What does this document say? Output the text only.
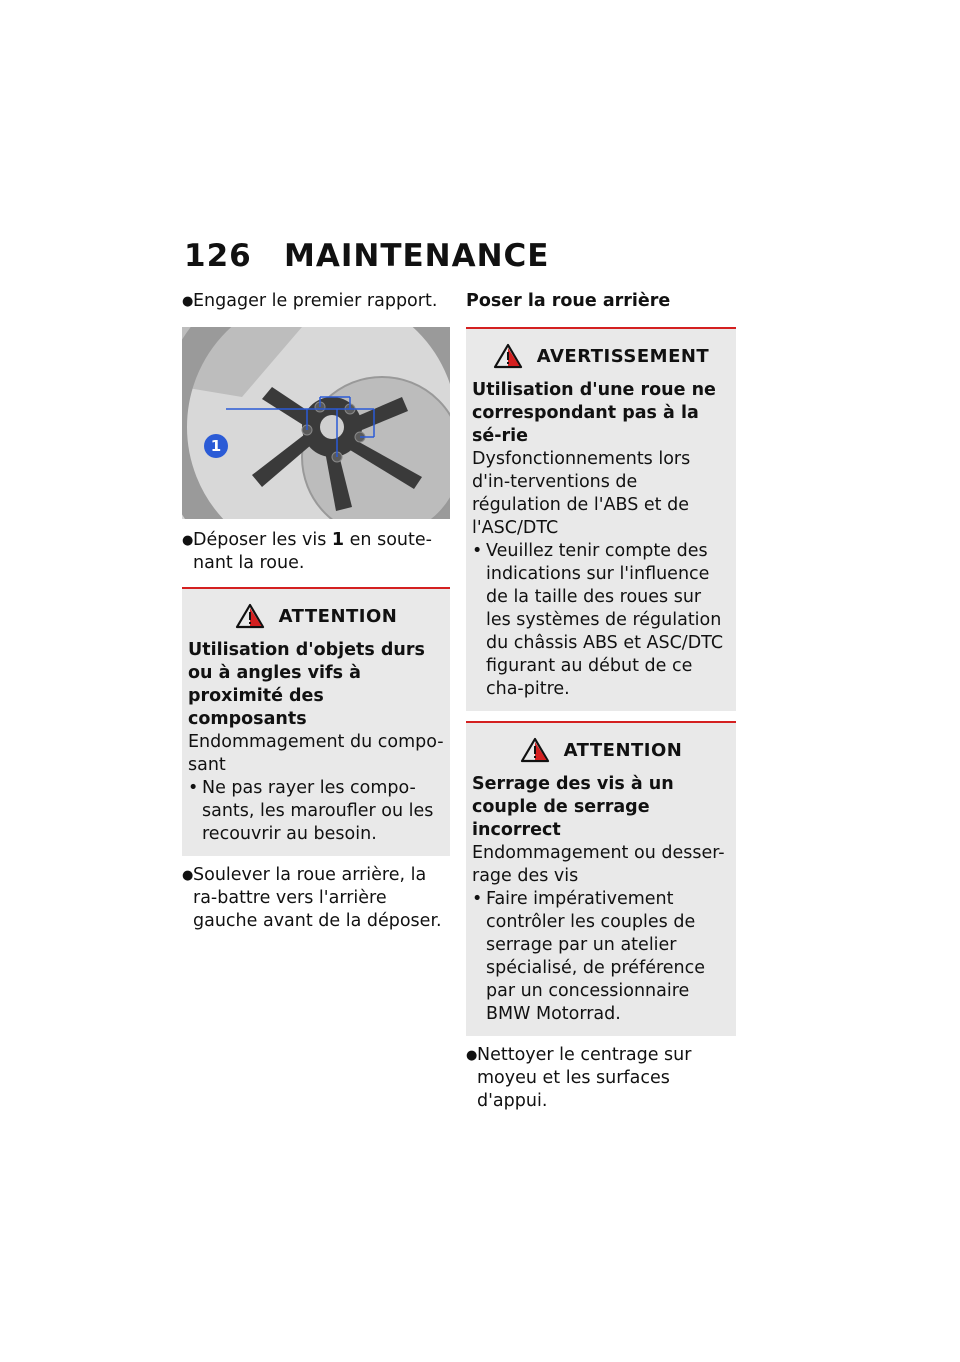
126	MAINTENANCE

● Engager le premier rapport.

1

● Déposer les vis 1 en soute-nant la roue.

ATTENTION
Utilisation d'objets durs ou à angles vifs à proximité des composants
Endommagement du compo-sant
• Ne pas rayer les compo-sants, les maroufler ou les recouvrir au besoin.

● Soulever la roue arrière, la ra-battre vers l'arrière gauche avant de la déposer.

Poser la roue arrière

AVERTISSEMENT
Utilisation d'une roue ne correspondant pas à la sé-rie
Dysfonctionnements lors d'in-terventions de régulation de l'ABS et de l'ASC/DTC
• Veuillez tenir compte des indications sur l'influence de la taille des roues sur les systèmes de régulation du châssis ABS et ASC/DTC figurant au début de ce cha-pitre.
ATTENTION
Serrage des vis à un couple de serrage incorrect
Endommagement ou desser-rage des vis
• Faire impérativement contrôler les couples de serrage par un atelier spécialisé, de préférence par un concessionnaire BMW Motorrad.

● Nettoyer le centrage sur moyeu et les surfaces d'appui.
